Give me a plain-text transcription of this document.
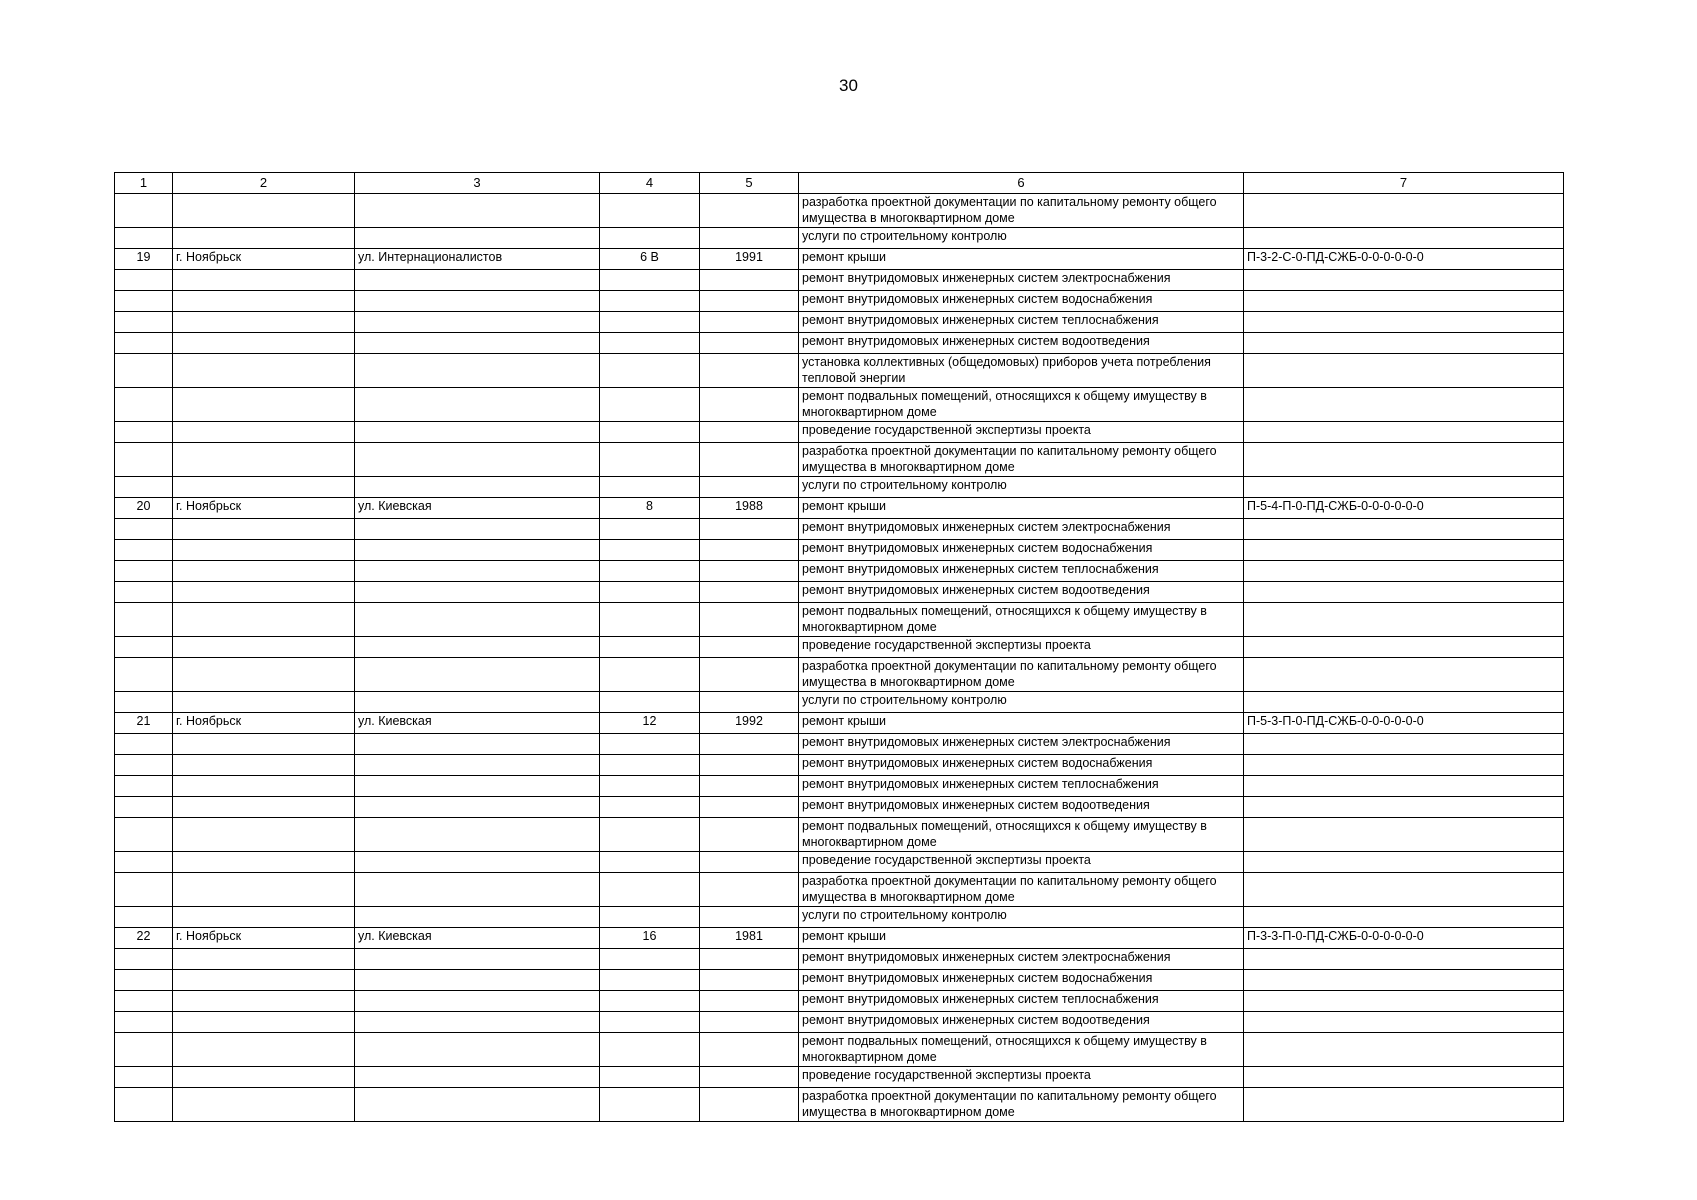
30
1	2	3	4	5	6	7
					разработка проектной документации по капитальному ремонту общего имущества в многоквартирном доме	
					услуги по строительному контролю	
19	г. Ноябрьск	ул. Интернационалистов	6 В	1991	ремонт крыши	П-3-2-С-0-ПД-СЖБ-0-0-0-0-0-0
					ремонт внутридомовых инженерных систем электроснабжения	
					ремонт внутридомовых инженерных систем водоснабжения	
					ремонт внутридомовых инженерных систем теплоснабжения	
					ремонт внутридомовых инженерных систем водоотведения	
					установка коллективных (общедомовых) приборов учета потребления тепловой энергии	
					ремонт подвальных помещений, относящихся к общему имуществу в многоквартирном доме	
					проведение государственной экспертизы проекта	
					разработка проектной документации по капитальному ремонту общего имущества в многоквартирном доме	
					услуги по строительному контролю	
20	г. Ноябрьск	ул. Киевская	8	1988	ремонт крыши	П-5-4-П-0-ПД-СЖБ-0-0-0-0-0-0
					ремонт внутридомовых инженерных систем электроснабжения	
					ремонт внутридомовых инженерных систем водоснабжения	
					ремонт внутридомовых инженерных систем теплоснабжения	
					ремонт внутридомовых инженерных систем водоотведения	
					ремонт подвальных помещений, относящихся к общему имуществу в многоквартирном доме	
					проведение государственной экспертизы проекта	
					разработка проектной документации по капитальному ремонту общего имущества в многоквартирном доме	
					услуги по строительному контролю	
21	г. Ноябрьск	ул. Киевская	12	1992	ремонт крыши	П-5-3-П-0-ПД-СЖБ-0-0-0-0-0-0
					ремонт внутридомовых инженерных систем электроснабжения	
					ремонт внутридомовых инженерных систем водоснабжения	
					ремонт внутридомовых инженерных систем теплоснабжения	
					ремонт внутридомовых инженерных систем водоотведения	
					ремонт подвальных помещений, относящихся к общему имуществу в многоквартирном доме	
					проведение государственной экспертизы проекта	
					разработка проектной документации по капитальному ремонту общего имущества в многоквартирном доме	
					услуги по строительному контролю	
22	г. Ноябрьск	ул. Киевская	16	1981	ремонт крыши	П-3-3-П-0-ПД-СЖБ-0-0-0-0-0-0
					ремонт внутридомовых инженерных систем электроснабжения	
					ремонт внутридомовых инженерных систем водоснабжения	
					ремонт внутридомовых инженерных систем теплоснабжения	
					ремонт внутридомовых инженерных систем водоотведения	
					ремонт подвальных помещений, относящихся к общему имуществу в многоквартирном доме	
					проведение государственной экспертизы проекта	
					разработка проектной документации по капитальному ремонту общего имущества в многоквартирном доме	
